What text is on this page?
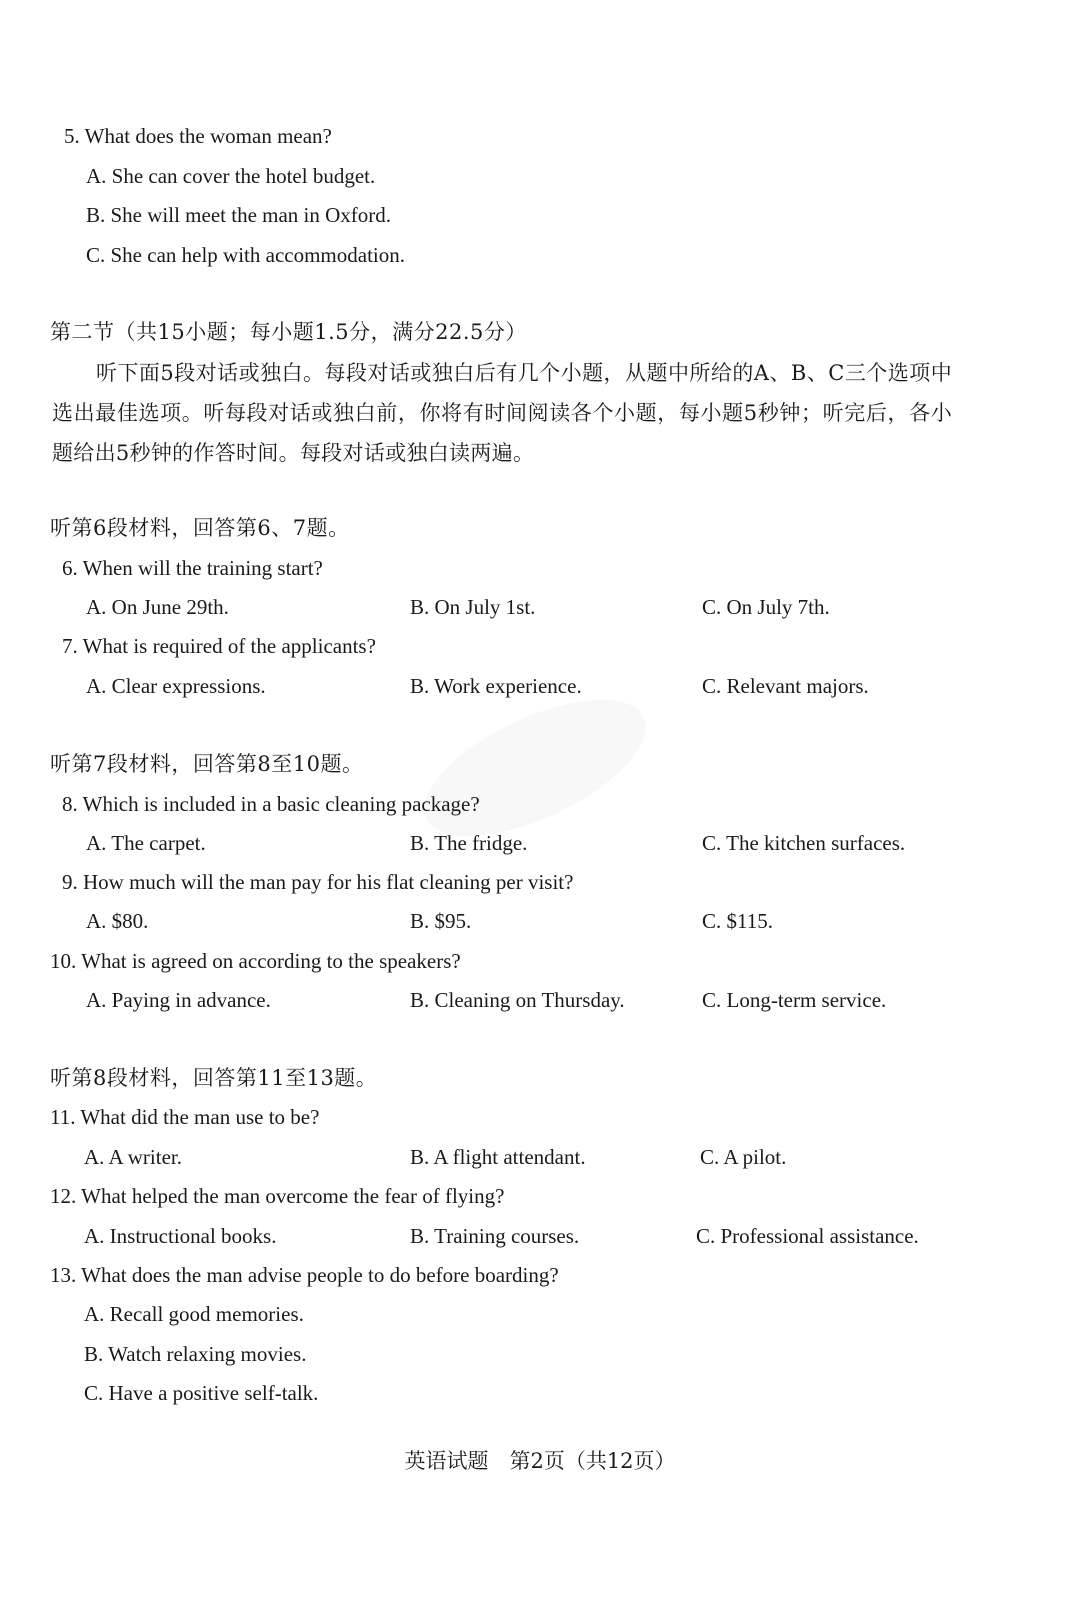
5. What does the woman mean?
A. She can cover the hotel budget.
B. She will meet the man in Oxford.
C. She can help with accommodation.
第二节（共15小题；每小题1.5分，满分22.5分）
听下面5段对话或独白。每段对话或独白后有几个小题，从题中所给的A、B、C三个选项中选出最佳选项。听每段对话或独白前，你将有时间阅读各个小题，每小题5秒钟；听完后，各小题给出5秒钟的作答时间。每段对话或独白读两遍。
听第6段材料，回答第6、7题。
6. When will the training start?
A. On June 29th.	B. On July 1st.	C. On July 7th.
7. What is required of the applicants?
A. Clear expressions.	B. Work experience.	C. Relevant majors.
听第7段材料，回答第8至10题。
8. Which is included in a basic cleaning package?
A. The carpet.	B. The fridge.	C. The kitchen surfaces.
9. How much will the man pay for his flat cleaning per visit?
A. $80.	B. $95.	C. $115.
10. What is agreed on according to the speakers?
A. Paying in advance.	B. Cleaning on Thursday.	C. Long-term service.
听第8段材料，回答第11至13题。
11. What did the man use to be?
A. A writer.	B. A flight attendant.	C. A pilot.
12. What helped the man overcome the fear of flying?
A. Instructional books.	B. Training courses.	C. Professional assistance.
13. What does the man advise people to do before boarding?
A. Recall good memories.
B. Watch relaxing movies.
C. Have a positive self-talk.
英语试题　第2页（共12页）
